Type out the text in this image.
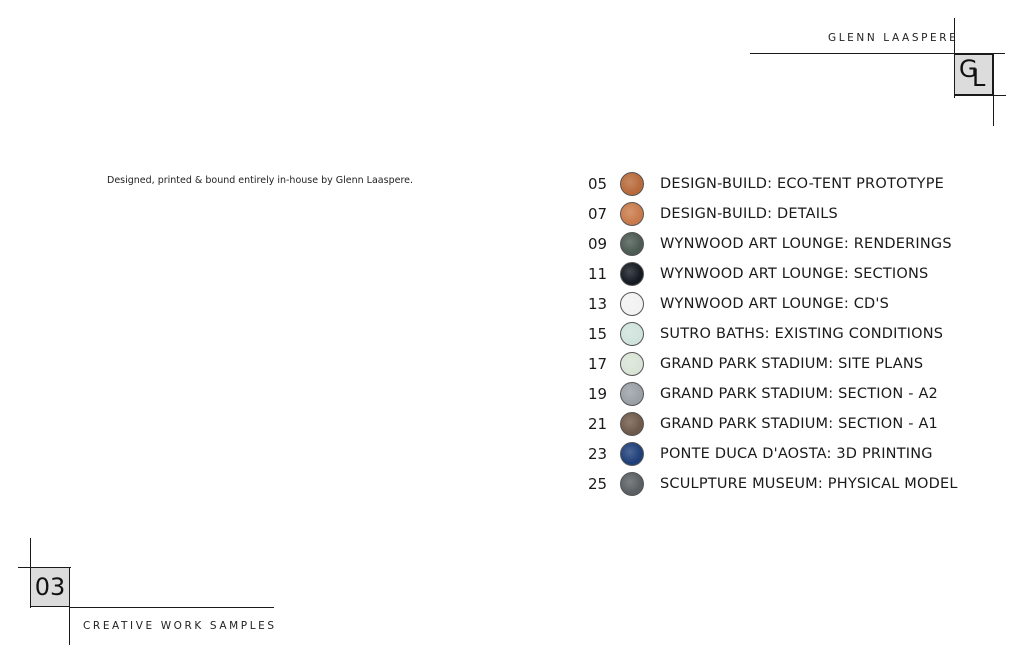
GLENN LAASPERE
G
L
Designed, printed & bound entirely in-house by Glenn Laaspere.	05	DESIGN-BUILD: ECO-TENT PROTOTYPE
07	DESIGN-BUILD: DETAILS
09	WYNWOOD ART LOUNGE: RENDERINGS
11	WYNWOOD ART LOUNGE: SECTIONS
13	WYNWOOD ART LOUNGE: CD'S
15	SUTRO BATHS: EXISTING CONDITIONS
17	GRAND PARK STADIUM: SITE PLANS
19	GRAND PARK STADIUM: SECTION - A2
21	GRAND PARK STADIUM: SECTION - A1
23	PONTE DUCA D'AOSTA: 3D PRINTING
25	SCULPTURE MUSEUM: PHYSICAL MODEL
03
CREATIVE WORK SAMPLES
